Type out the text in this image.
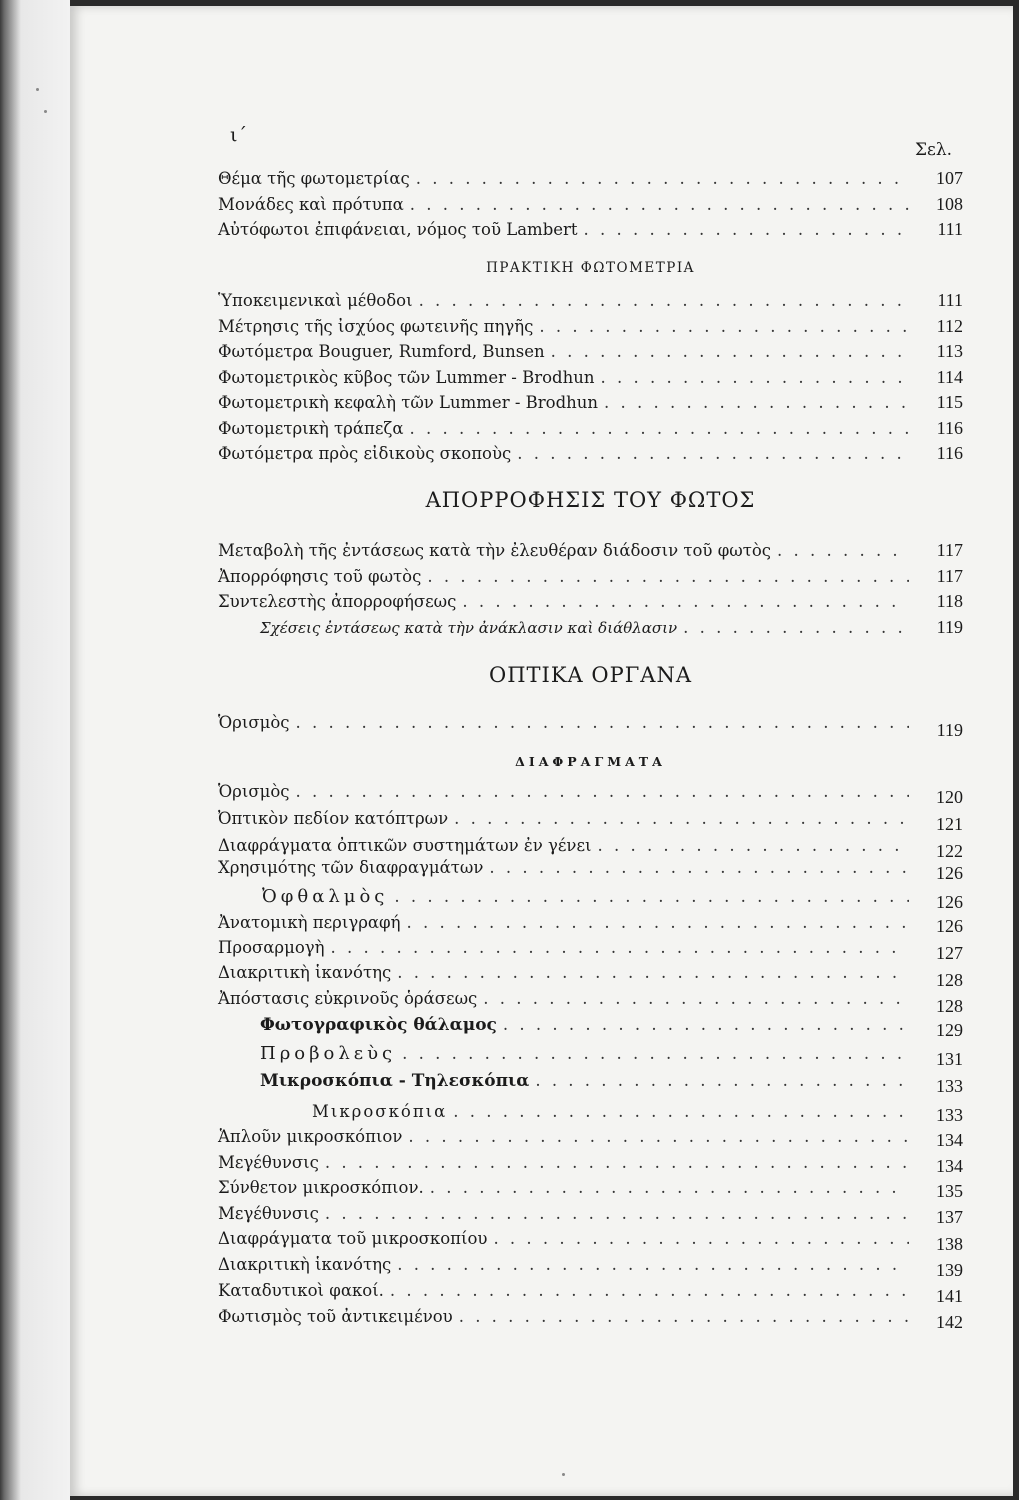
ι΄
Σελ.
Θέμα τῆς φωτομετρίας . . .	107
Μονάδες καὶ πρότυπα . . .	108
Αὐτόφωτοι ἐπιφάνειαι, νόμος τοῦ Lambert . . .	111
ΠΡΑΚΤΙΚΗ ΦΩΤΟΜΕΤΡΙΑ
Ὑποκειμενικαὶ μέθοδοι . . .	111
Μέτρησις τῆς ἰσχύος φωτεινῆς πηγῆς . . .	112
Φωτόμετρα Bouguer, Rumford, Bunsen . . .	113
Φωτομετρικὸς κῦβος τῶν Lummer - Brodhun . . .	114
Φωτομετρικὴ κεφαλὴ τῶν Lummer - Brodhun . . .	115
Φωτομετρικὴ τράπεζα . . .	116
Φωτόμετρα πρὸς εἰδικοὺς σκοποὺς . . .	116
ΑΠΟΡΡΟΦΗΣΙΣ ΤΟΥ ΦΩΤΟΣ
Μεταβολὴ τῆς ἐντάσεως κατὰ τὴν ἐλευθέραν διάδοσιν τοῦ φωτὸς . . .	117
Ἀπορρόφησις τοῦ φωτὸς . . .	117
Συντελεστὴς ἀπορροφήσεως . . .	118
Σχέσεις ἐντάσεως κατὰ τὴν ἀνάκλασιν καὶ διάθλασιν . . .	119
ΟΠΤΙΚΑ ΟΡΓΑΝΑ
Ὁρισμὸς . . .	119
ΔΙΑΦΡΑΓΜΑΤΑ
Ὁρισμὸς . . .	120
Ὀπτικὸν πεδίον κατόπτρων . . .	121
Διαφράγματα ὀπτικῶν συστημάτων ἐν γένει . . .	122
Χρησιμότης τῶν διαφραγμάτων . . .	126
Ὀφθαλμὸς . . .	126
Ἀνατομικὴ περιγραφή . . .	126
Προσαρμογὴ . . .	127
Διακριτικὴ ἱκανότης . . .	128
Ἀπόστασις εὐκρινοῦς ὁράσεως . . .	128
Φωτογραφικὸς θάλαμος . . .	129
Προβολεὺς . . .	131
Μικροσκόπια - Τηλεσκόπια . . .	133
Μικροσκόπια . . .	133
Ἁπλοῦν μικροσκόπιον . . .	134
Μεγέθυνσις . . .	134
Σύνθετον μικροσκόπιον. . . .	135
Μεγέθυνσις . . .	137
Διαφράγματα τοῦ μικροσκοπίου . . .	138
Διακριτικὴ ἱκανότης . . .	139
Καταδυτικοὶ φακοί. . . .	141
Φωτισμὸς τοῦ ἀντικειμένου . . .	142
